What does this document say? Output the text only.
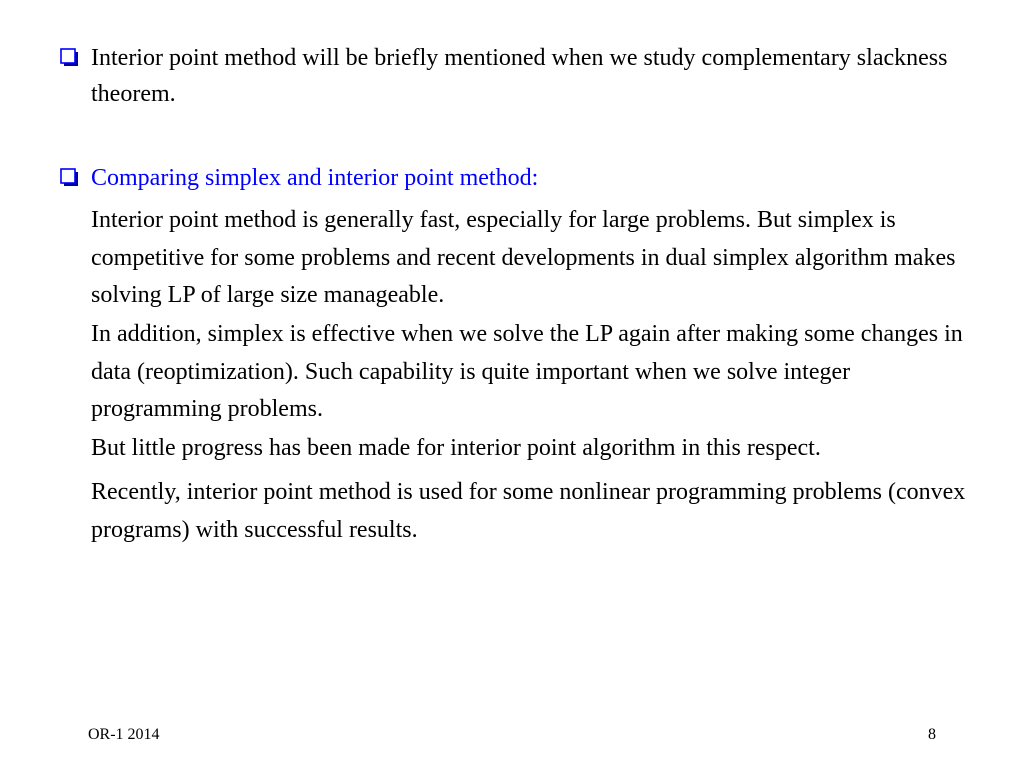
Interior point method will be briefly mentioned when we study complementary slackness theorem.
Comparing simplex and interior point method:

Interior point method is generally fast, especially for large problems. But simplex is competitive for some problems and recent developments in dual simplex algorithm makes solving LP of large size manageable.

In addition, simplex is effective when we solve the LP again after making some changes in data (reoptimization). Such capability is quite important when we solve integer programming problems.

But little progress has been made for interior point algorithm in this respect.

Recently, interior point method is used for some nonlinear programming problems (convex programs) with successful results.

OR-1 2014	8
